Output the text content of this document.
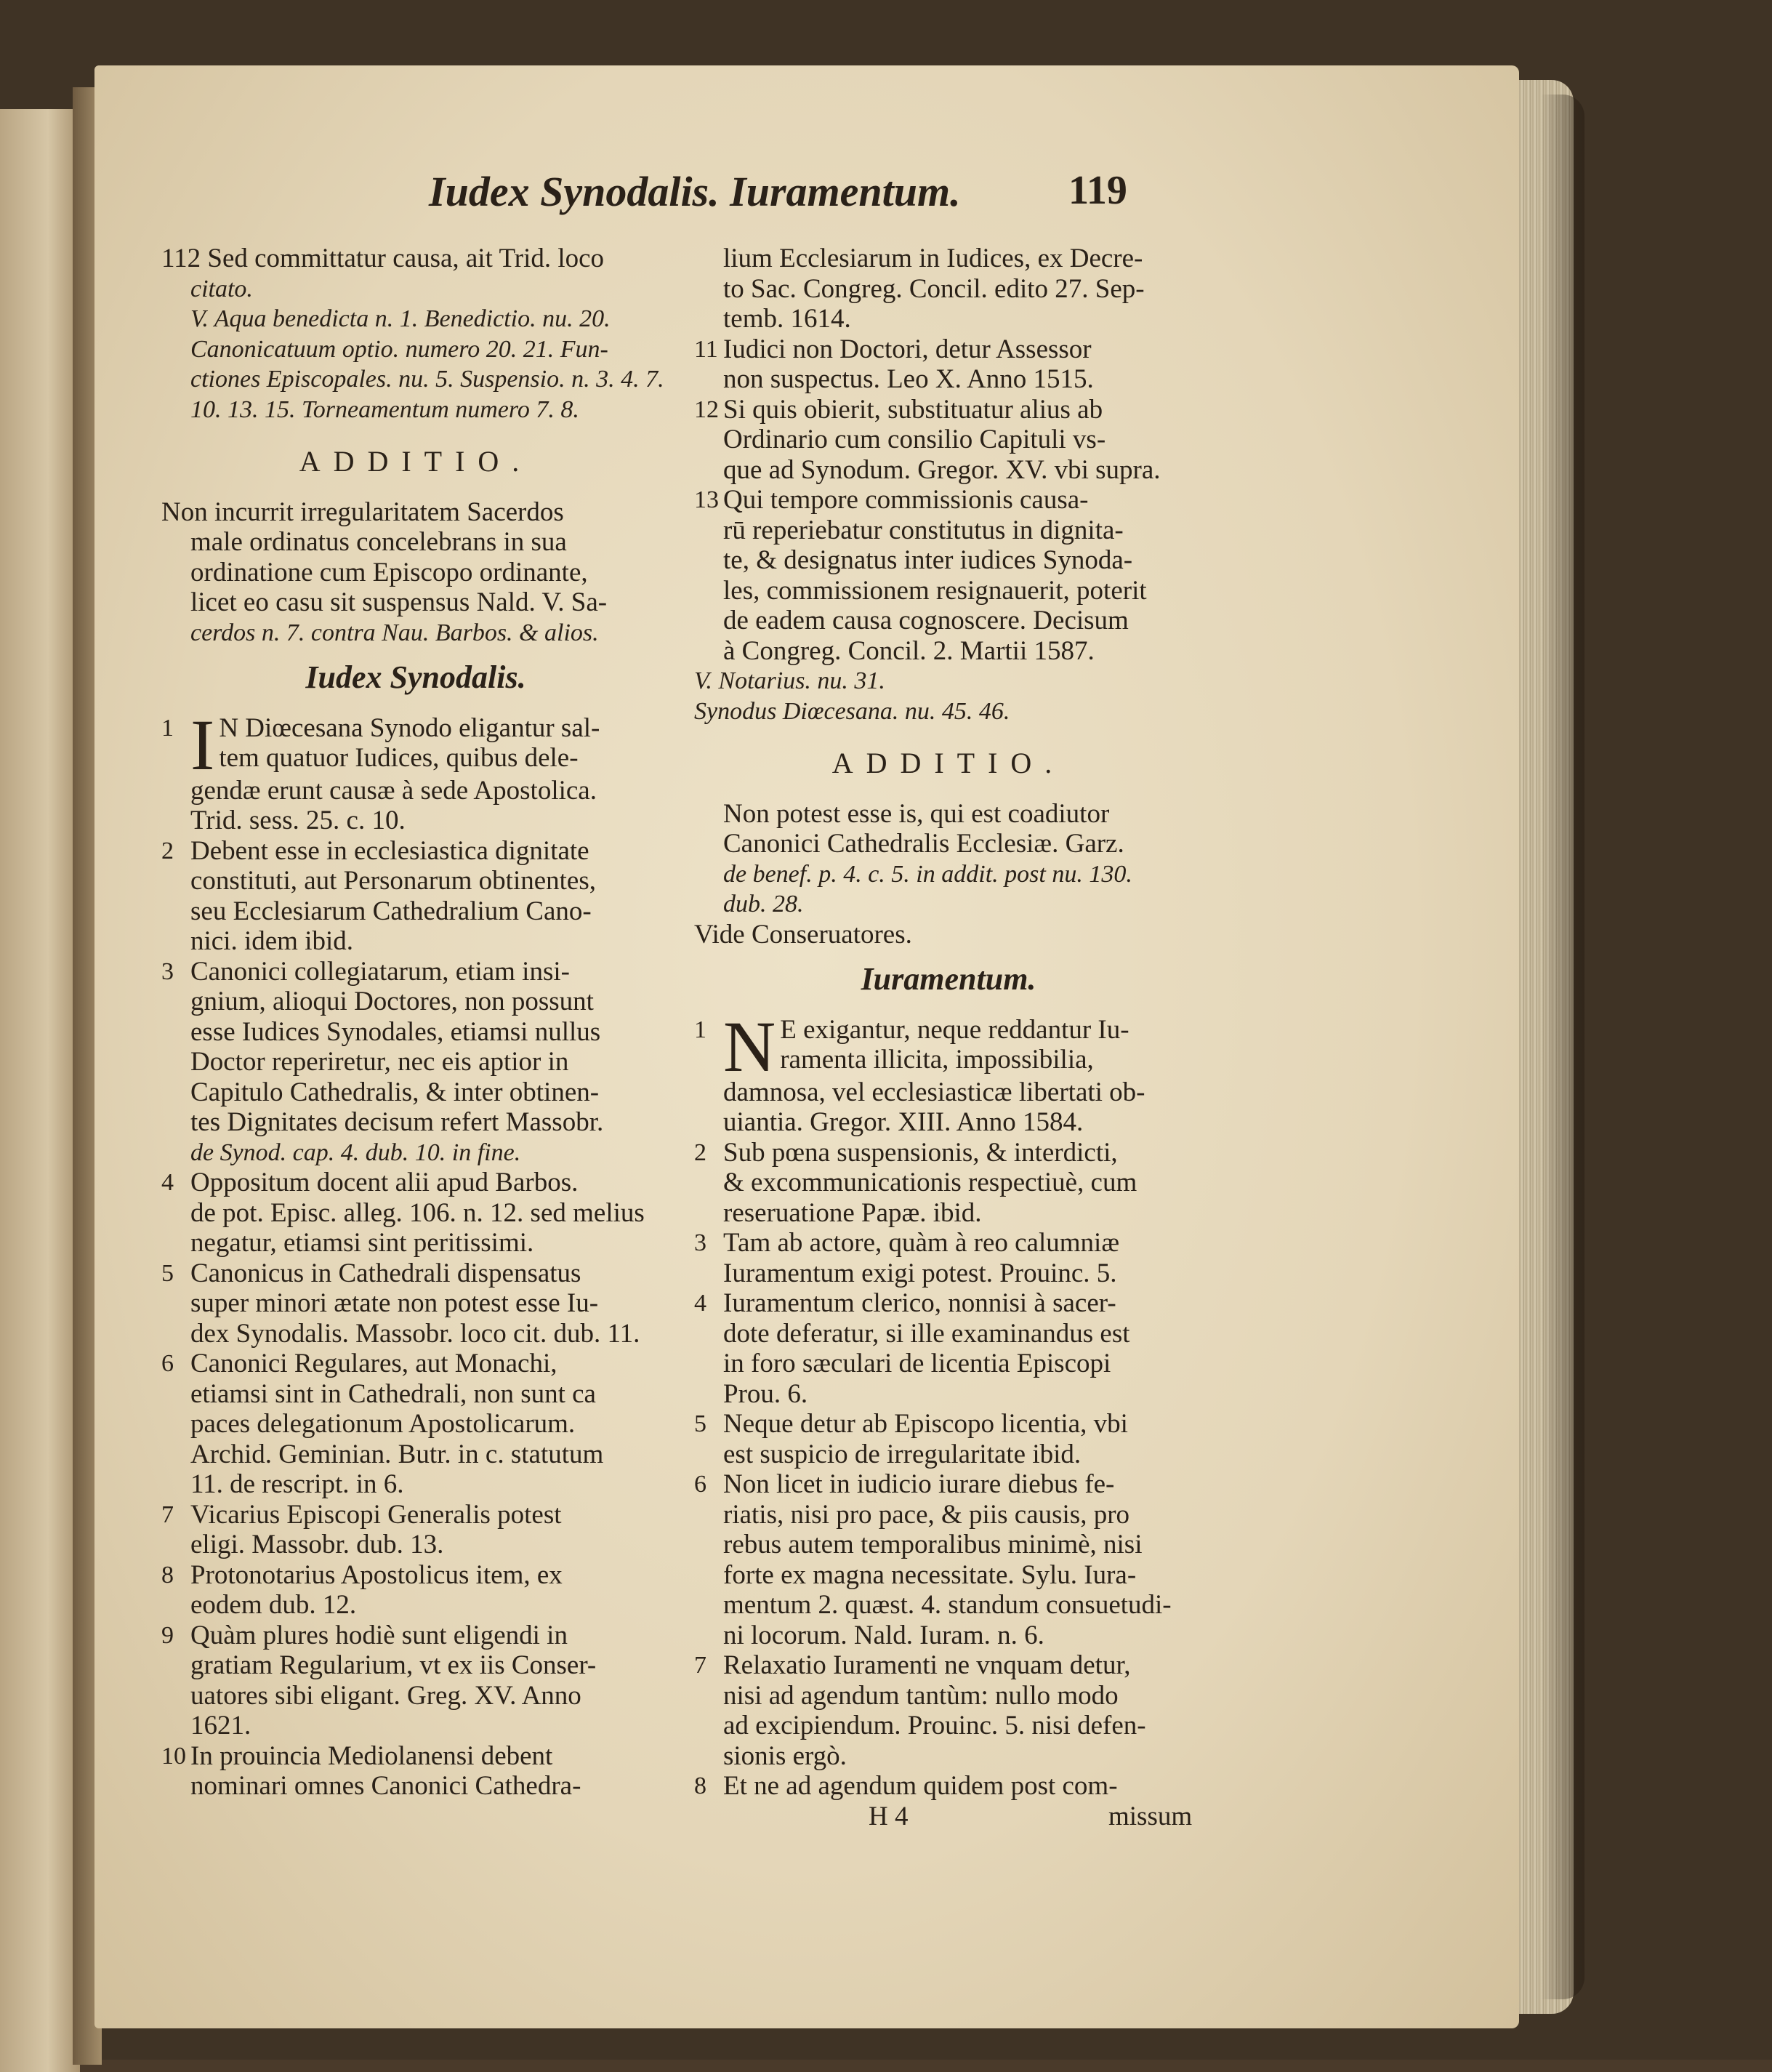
Iudex Synodalis. Iuramentum.	119
112 Sed committatur causa, ait Trid. loco
citato.
V. Aqua benedicta n. 1. Benedictio. nu. 20.
Canonicatuum optio. numero 20. 21. Fun-
ctiones Episcopales. nu. 5. Suspensio. n. 3. 4. 7.
10. 13. 15. Torneamentum numero 7. 8.
ADDITIO.
Non incurrit irregularitatem Sacerdos
male ordinatus concelebrans in sua
ordinatione cum Episcopo ordinante,
licet eo casu sit suspensus Nald. V. Sa-
cerdos n. 7. contra Nau. Barbos. & alios.
Iudex Synodalis.
1 I N Diœcesana Synodo eligantur sal-
tem quatuor Iudices, quibus dele-
gendæ erunt causæ à sede Apostolica.
Trid. sess. 25. c. 10.
2 Debent esse in ecclesiastica dignitate
constituti, aut Personarum obtinentes,
seu Ecclesiarum Cathedralium Cano-
nici. idem ibid.
3 Canonici collegiatarum, etiam insi-
gnium, alioqui Doctores, non possunt
esse Iudices Synodales, etiamsi nullus
Doctor reperiretur, nec eis aptior in
Capitulo Cathedralis, & inter obtinen-
tes Dignitates decisum refert Massobr.
de Synod. cap. 4. dub. 10. in fine.
4 Oppositum docent alii apud Barbos.
de pot. Episc. alleg. 106. n. 12. sed melius
negatur, etiamsi sint peritissimi.
5 Canonicus in Cathedrali dispensatus
super minori ætate non potest esse Iu-
dex Synodalis. Massobr. loco cit. dub. 11.
6 Canonici Regulares, aut Monachi,
etiamsi sint in Cathedrali, non sunt ca
paces delegationum Apostolicarum.
Archid. Geminian. Butr. in c. statutum
11. de rescript. in 6.
7 Vicarius Episcopi Generalis potest
eligi. Massobr. dub. 13.
8 Protonotarius Apostolicus item, ex
eodem dub. 12.
9 Quàm plures hodiè sunt eligendi in
gratiam Regularium, vt ex iis Conser-
uatores sibi eligant. Greg. XV. Anno
1621.
10 In prouincia Mediolanensi debent
nominari omnes Canonici Cathedra-
lium Ecclesiarum in Iudices, ex Decre-
to Sac. Congreg. Concil. edito 27. Sep-
temb. 1614.
11 Iudici non Doctori, detur Assessor
non suspectus. Leo X. Anno 1515.
12 Si quis obierit, substituatur alius ab
Ordinario cum consilio Capituli vs-
que ad Synodum. Gregor. XV. vbi supra.
13 Qui tempore commissionis causa-
rū reperiebatur constitutus in dignita-
te, & designatus inter iudices Synoda-
les, commissionem resignauerit, poterit
de eadem causa cognoscere. Decisum
à Congreg. Concil. 2. Martii 1587.
V. Notarius. nu. 31.
Synodus Diœcesana. nu. 45. 46.
ADDITIO.
Non potest esse is, qui est coadiutor
Canonici Cathedralis Ecclesiæ. Garz.
de benef. p. 4. c. 5. in addit. post nu. 130.
dub. 28.
Vide Conseruatores.
Iuramentum.
1 N E exigantur, neque reddantur Iu-
ramenta illicita, impossibilia,
damnosa, vel ecclesiasticæ libertati ob-
uiantia. Gregor. XIII. Anno 1584.
2 Sub pœna suspensionis, & interdicti,
& excommunicationis respectiuè, cum
reseruatione Papæ. ibid.
3 Tam ab actore, quàm à reo calumniæ
Iuramentum exigi potest. Prouinc. 5.
4 Iuramentum clerico, nonnisi à sacer-
dote deferatur, si ille examinandus est
in foro sæculari de licentia Episcopi
Prou. 6.
5 Neque detur ab Episcopo licentia, vbi
est suspicio de irregularitate ibid.
6 Non licet in iudicio iurare diebus fe-
riatis, nisi pro pace, & piis causis, pro
rebus autem temporalibus minimè, nisi
forte ex magna necessitate. Sylu. Iura-
mentum 2. quæst. 4. standum consuetudi-
ni locorum. Nald. Iuram. n. 6.
7 Relaxatio Iuramenti ne vnquam detur,
nisi ad agendum tantùm: nullo modo
ad excipiendum. Prouinc. 5. nisi defen-
sionis ergò.
8 Et ne ad agendum quidem post com-
H 4	missum
